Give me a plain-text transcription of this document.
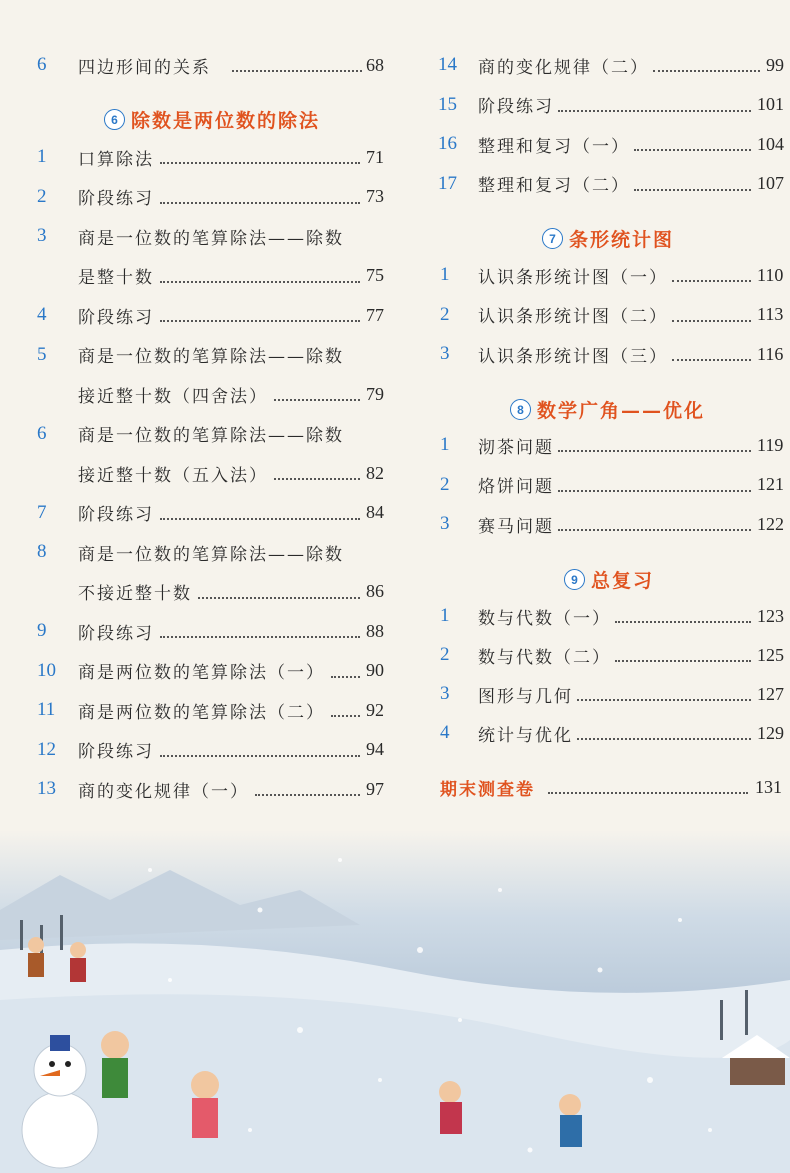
6 四边形间的关系	68
6 除数是两位数的除法
1 口算除法	71
2 阶段练习	73
3 商是一位数的笔算除法——除数
是整十数	75
4 阶段练习	77
5 商是一位数的笔算除法——除数
接近整十数（四舍法）	79
6 商是一位数的笔算除法——除数
接近整十数（五入法）	82
7 阶段练习	84
8 商是一位数的笔算除法——除数
不接近整十数	86
9 阶段练习	88
10 商是两位数的笔算除法（一） 90
11 商是两位数的笔算除法（二） 92
12 阶段练习	94
13 商的变化规律（一）	97
14 商的变化规律（二）	99
15 阶段练习	101
16 整理和复习（一）	104
17 整理和复习（二）	107
7 条形统计图
1 认识条形统计图（一）	110
2 认识条形统计图（二）	113
3 认识条形统计图（三）	116
8 数学广角——优化
1 沏茶问题	119
2 烙饼问题	121
3 赛马问题	122
9 总复习
1 数与代数（一）	123
2 数与代数（二）	125
3 图形与几何	127
4 统计与优化	129
期末测查卷	131
